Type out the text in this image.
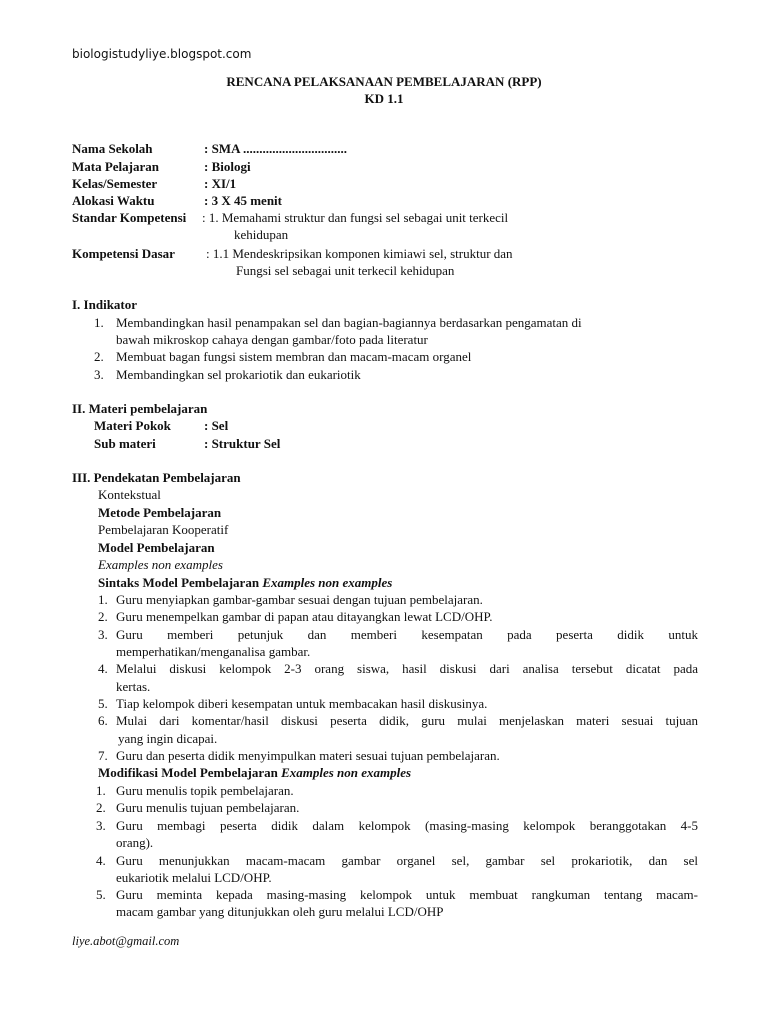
biologistudyliye.blogspot.com
RENCANA PELAKSANAAN PEMBELAJARAN (RPP)
KD 1.1
Nama Sekolah	: SMA ................................
Mata Pelajaran	: Biologi
Kelas/Semester	: XI/1
Alokasi Waktu	: 3 X 45 menit
Standar Kompetensi : 1. Memahami struktur dan fungsi sel sebagai unit terkecil
kehidupan
Kompetensi Dasar : 1.1 Mendeskripsikan komponen kimiawi sel, struktur dan
Fungsi sel sebagai unit terkecil kehidupan
I. Indikator
1. Membandingkan hasil penampakan sel dan bagian-bagiannya berdasarkan pengamatan di
bawah mikroskop cahaya dengan gambar/foto pada literatur
2. Membuat bagan fungsi sistem membran dan macam-macam organel
3. Membandingkan sel prokariotik dan eukariotik
II. Materi pembelajaran
Materi Pokok	: Sel
Sub materi	: Struktur Sel
III. Pendekatan Pembelajaran
Kontekstual
Metode Pembelajaran
Pembelajaran Kooperatif
Model Pembelajaran
Examples non examples
Sintaks Model Pembelajaran Examples non examples
1. Guru menyiapkan gambar-gambar sesuai dengan tujuan pembelajaran.
2. Guru menempelkan gambar di papan atau ditayangkan lewat LCD/OHP.
3. Guru memberi petunjuk dan memberi kesempatan pada peserta didik untuk
memperhatikan/menganalisa gambar.
4. Melalui diskusi kelompok 2-3 orang siswa, hasil diskusi dari analisa tersebut dicatat pada
kertas.
5. Tiap kelompok diberi kesempatan untuk membacakan hasil diskusinya.
6. Mulai dari komentar/hasil diskusi peserta didik, guru mulai menjelaskan materi sesuai tujuan
yang ingin dicapai.
7. Guru dan peserta didik menyimpulkan materi sesuai tujuan pembelajaran.
Modifikasi Model Pembelajaran Examples non examples
1. Guru menulis topik pembelajaran.
2. Guru menulis tujuan pembelajaran.
3. Guru membagi peserta didik dalam kelompok (masing-masing kelompok beranggotakan 4-5
orang).
4. Guru menunjukkan macam-macam gambar organel sel, gambar sel prokariotik, dan sel
eukariotik melalui LCD/OHP.
5. Guru meminta kepada masing-masing kelompok untuk membuat rangkuman tentang macam-
macam gambar yang ditunjukkan oleh guru melalui LCD/OHP
liye.abot@gmail.com
